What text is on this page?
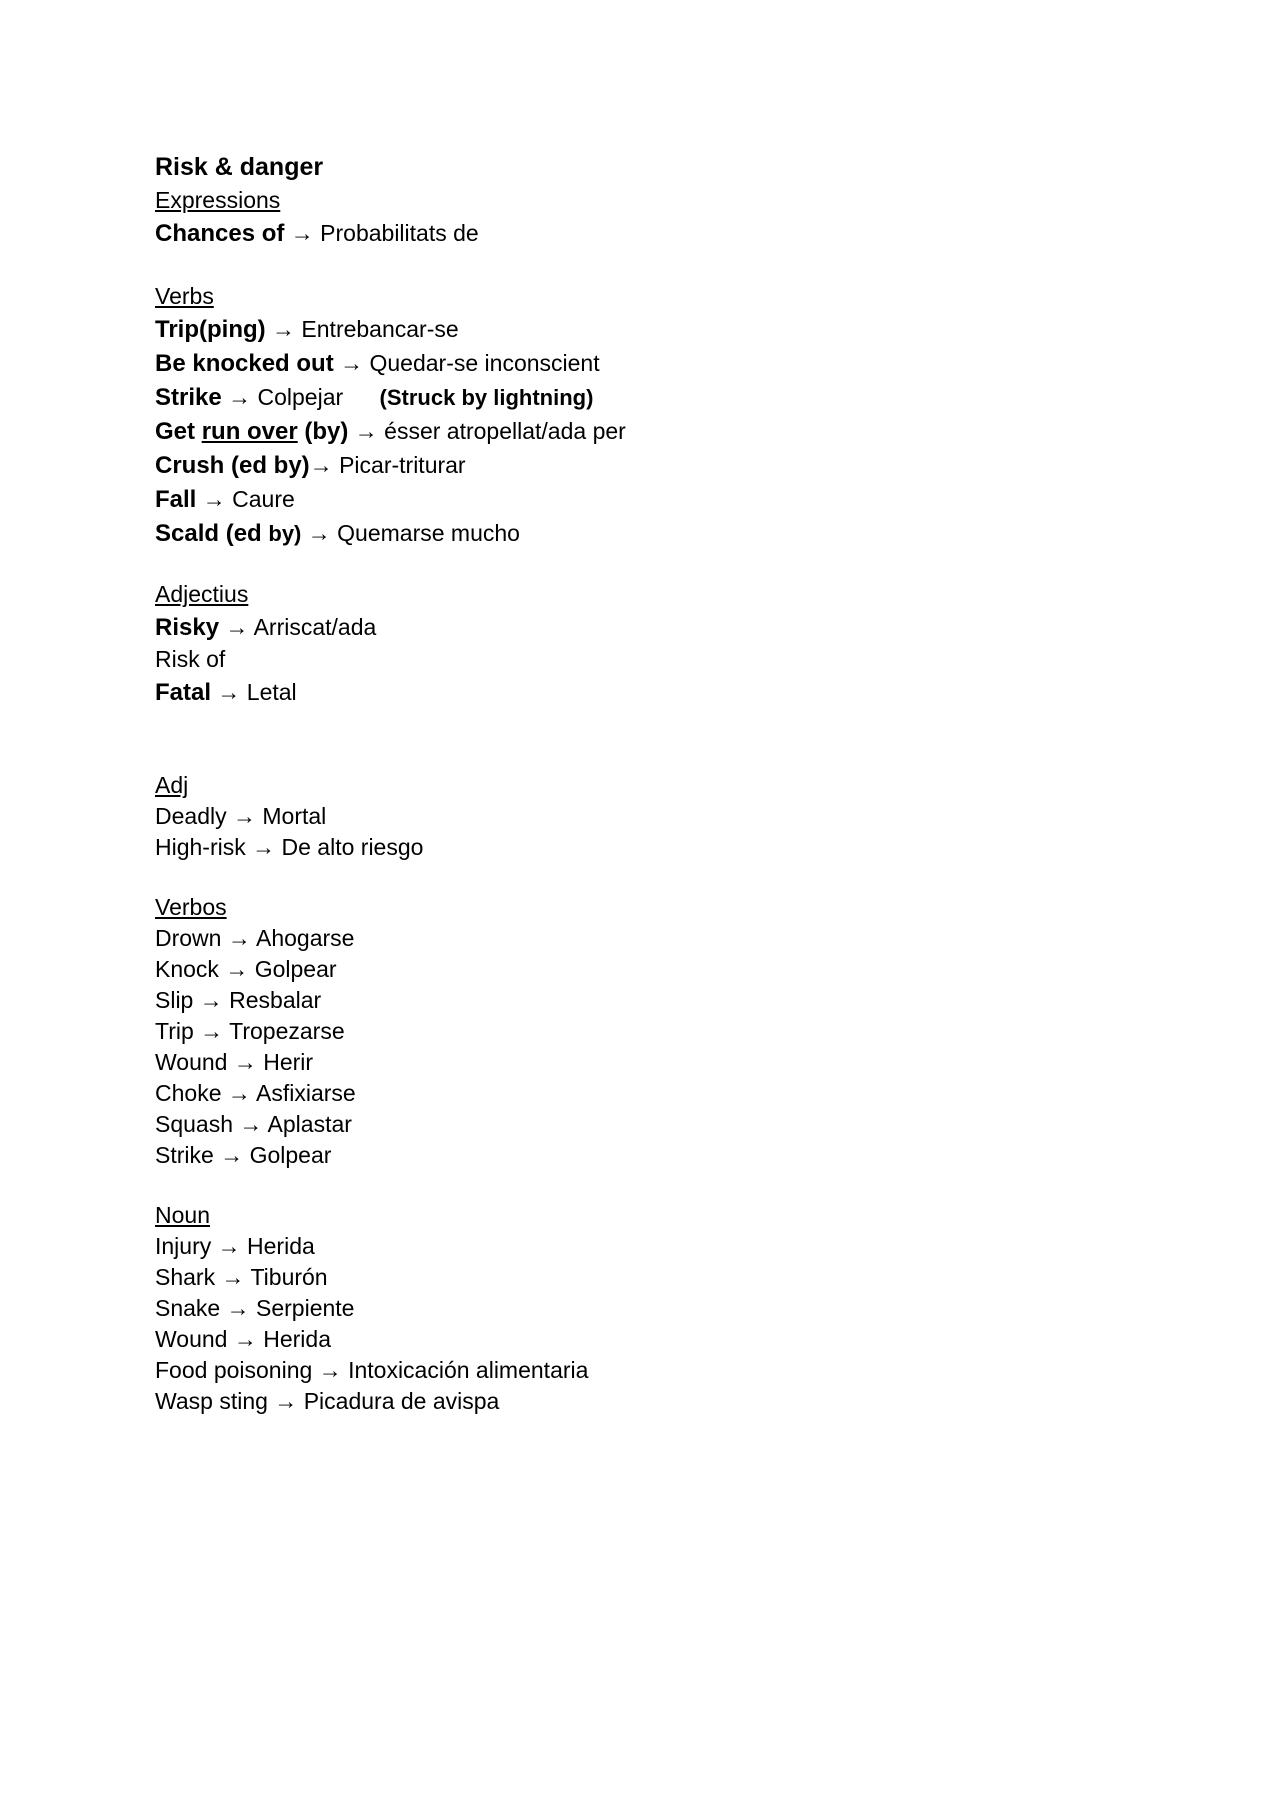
Risk & danger
Expressions
Chances of → Probabilitats de
Verbs
Trip(ping) → Entrebancar-se
Be knocked out → Quedar-se inconscient
Strike → Colpejar (Struck by lightning)
Get run over (by) → ésser atropellat/ada per
Crush (ed by)→ Picar-triturar
Fall → Caure
Scald (ed by) → Quemarse mucho
Adjectius
Risky → Arriscat/ada
Risk of
Fatal → Letal
Adj
Deadly → Mortal
High-risk → De alto riesgo
Verbos
Drown → Ahogarse
Knock → Golpear
Slip → Resbalar
Trip → Tropezarse
Wound → Herir
Choke → Asfixiarse
Squash → Aplastar
Strike → Golpear
Noun
Injury → Herida
Shark → Tiburón
Snake → Serpiente
Wound → Herida
Food poisoning → Intoxicación alimentaria
Wasp sting → Picadura de avispa
